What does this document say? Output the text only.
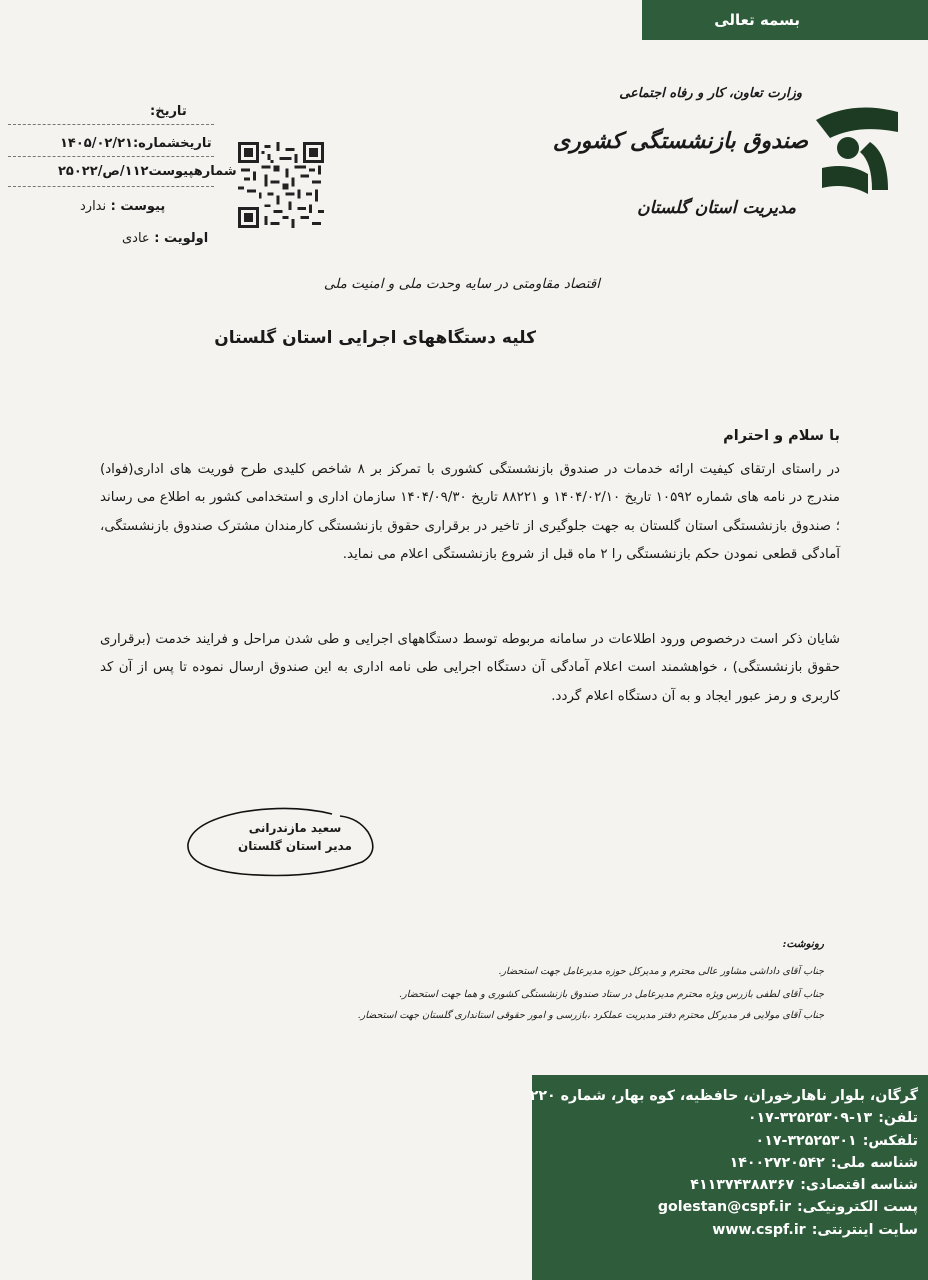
بسمه تعالی
وزارت تعاون، کار و رفاه اجتماعی
صندوق بازنشستگی کشوری
مدیریت استان گلستان
تاریخ:
تاریخشماره:۱۴۰۵/۰۲/۲۱
شمارهپیوست۱۱۲/ص/۲۵۰۲۲
پیوست : ندارد
اولویت : عادی
اقتصاد مقاومتی در سایه وحدت ملی و امنیت ملی
کلیه دستگاههای اجرایی استان گلستان
با سلام و احترام
در راستای ارتقای کیفیت ارائه خدمات در صندوق بازنشستگی کشوری با تمرکز بر ۸ شاخص کلیدی طرح فوریت های اداری(فواد) مندرج در نامه های شماره ۱۰۵۹۲ تاریخ ۱۴۰۴/۰۲/۱۰ و ۸۸۲۲۱ تاریخ ۱۴۰۴/۰۹/۳۰ سازمان اداری و استخدامی کشور به اطلاع می رساند ؛ صندوق بازنشستگی استان گلستان به جهت جلوگیری از تاخیر در برقراری حقوق بازنشستگی کارمندان مشترک صندوق بازنشستگی، آمادگی قطعی نمودن حکم بازنشستگی را ۲ ماه قبل از شروع بازنشستگی اعلام می نماید.
شایان ذکر است درخصوص ورود اطلاعات در سامانه مربوطه توسط دستگاههای اجرایی و طی شدن مراحل و فرایند خدمت (برقراری حقوق بازنشستگی) ، خواهشمند است اعلام آمادگی آن دستگاه اجرایی طی نامه اداری به این صندوق ارسال نموده تا پس از آن کد کاربری و رمز عبور ایجاد و به آن دستگاه اعلام گردد.
سعید مازندرانی
مدیر استان گلستان
رونوشت:
جناب آقای داداشی مشاور عالی محترم و مدیرکل حوزه مدیرعامل جهت استحضار.
جناب آقای لطفی بازرس ویژه محترم مدیرعامل در ستاد صندوق بازنشستگی کشوری و هما جهت استحضار.
جناب آقای مولایی فر مدیرکل محترم دفتر مدیریت عملکرد ،بازرسی و امور حقوقی استانداری گلستان جهت استحضار.
گرگان، بلوار ناهارخوران، حافظیه، کوه بهار، شماره ۲۲۰
تلفن:۰۱۷-۳۲۵۲۵۳۰۹-۱۳
تلفکس:۰۱۷-۳۲۵۲۵۳۰۱
شناسه ملی:۱۴۰۰۲۷۲۰۵۴۲
شناسه اقتصادی:۴۱۱۳۷۴۳۸۸۳۶۷
پست الکترونیکی:golestan@cspf.ir
سایت اینترنتی:www.cspf.ir
